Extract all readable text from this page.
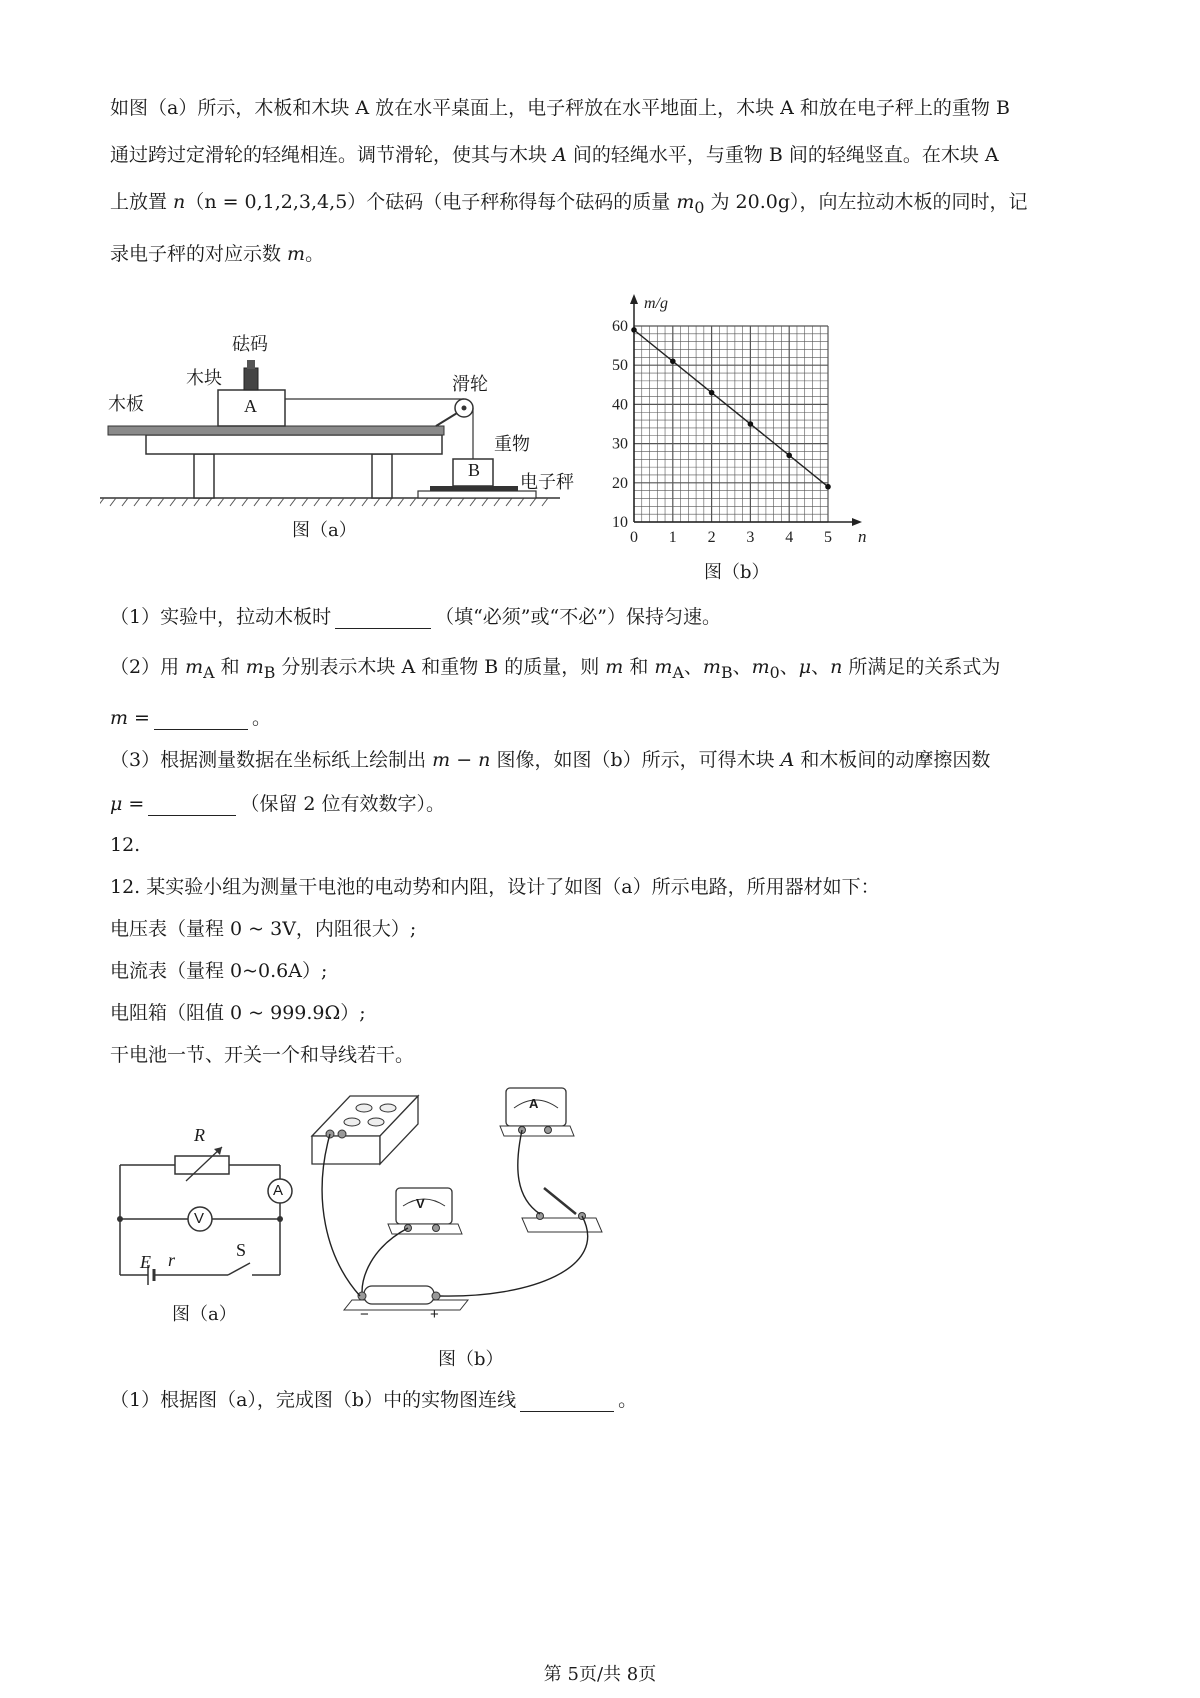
如图（a）所示，木板和木块 A 放在水平桌面上，电子秤放在水平地面上，木块 A 和放在电子秤上的重物 B
通过跨过定滑轮的轻绳相连。调节滑轮，使其与木块 A 间的轻绳水平，与重物 B 间的轻绳竖直。在木块 A
上放置 n（n = 0,1,2,3,4,5）个砝码（电子秤称得每个砝码的质量 $m_0$ 为 20.0g），向左拉动木板的同时，记
录电子秤的对应示数 m。
砝码
木块
木板
滑轮
重物
电子秤
A
B
图（a）	0 1 2 3 4 5
10
20
30
40
50
60
n
m/g
图（b）
（1）实验中，拉动木板时	（填“必须”或“不必”）保持匀速。
（2）用 $m_A$ 和 $m_B$ 分别表示木块 A 和重物 B 的质量，则 m 和 $m_A$、$m_B$、$m_0$、μ、n 所满足的关系式为
m =	。
（3）根据测量数据在坐标纸上绘制出 m − n 图像，如图（b）所示，可得木块 A 和木板间的动摩擦因数
μ =	（保留 2 位有效数字）。
12.
12. 某实验小组为测量干电池的电动势和内阻，设计了如图（a）所示电路，所用器材如下：
电压表（量程 0 ~ 3V，内阻很大）;
电流表（量程 0~0.6A）;
电阻箱（阻值 0 ~ 999.9Ω）;
干电池一节、开关一个和导线若干。
R
A
V
E r	S
图（a）
A
V
−	+
图（b）
（1）根据图（a），完成图（b）中的实物图连线	。
第 5页/共 8页
